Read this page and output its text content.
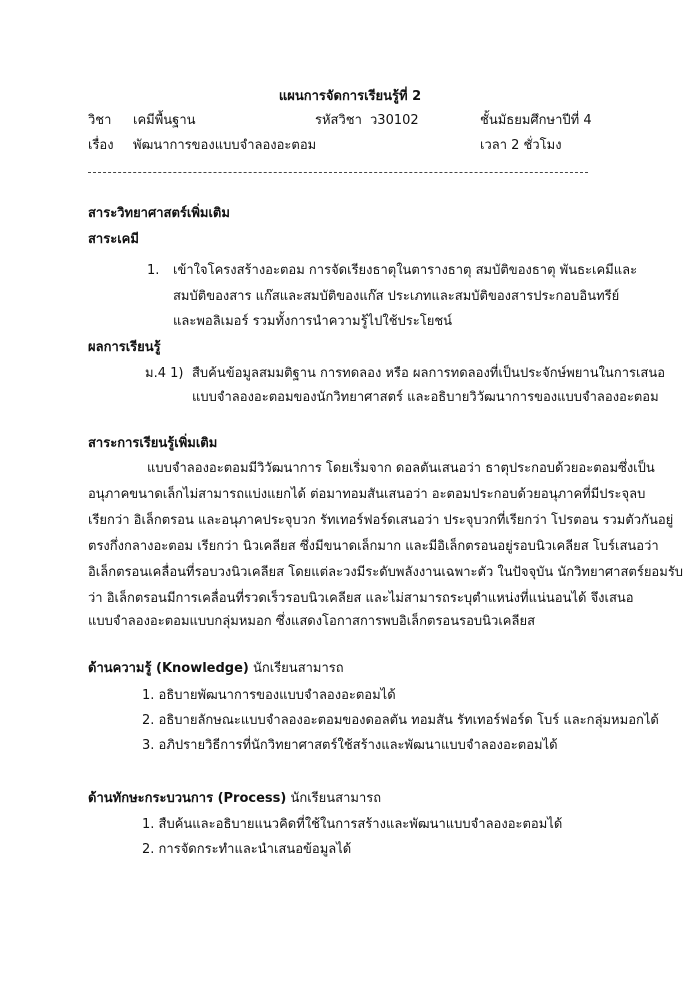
แผนการจัดการเรียนรู้ที่ 2
วิชา เคมีพื้นฐาน	รหัสวิชา ว30102	ชั้นมัธยมศึกษาปีที่ 4
เรื่อง พัฒนาการของแบบจำลองอะตอม	เวลา 2 ชั่วโมง
สาระวิทยาศาสตร์เพิ่มเติม
สาระเคมี
1. เข้าใจโครงสร้างอะตอม การจัดเรียงธาตุในตารางธาตุ สมบัติของธาตุ พันธะเคมีและ
สมบัติของสาร แก๊สและสมบัติของแก๊ส ประเภทและสมบัติของสารประกอบอินทรีย์
และพอลิเมอร์ รวมทั้งการนำความรู้ไปใช้ประโยชน์
ผลการเรียนรู้
ม.4 1) สืบค้นข้อมูลสมมติฐาน การทดลอง หรือ ผลการทดลองที่เป็นประจักษ์พยานในการเสนอ
แบบจำลองอะตอมของนักวิทยาศาสตร์ และอธิบายวิวัฒนาการของแบบจำลองอะตอม
สาระการเรียนรู้เพิ่มเติม
แบบจำลองอะตอมมีวิวัฒนาการ โดยเริ่มจาก ดอลตันเสนอว่า ธาตุประกอบด้วยอะตอมซึ่งเป็น
อนุภาคขนาดเล็กไม่สามารถแบ่งแยกได้ ต่อมาทอมสันเสนอว่า อะตอมประกอบด้วยอนุภาคที่มีประจุลบ
เรียกว่า อิเล็กตรอน และอนุภาคประจุบวก รัทเทอร์ฟอร์ดเสนอว่า ประจุบวกที่เรียกว่า โปรตอน รวมตัวกันอยู่
ตรงกึ่งกลางอะตอม เรียกว่า นิวเคลียส ซึ่งมีขนาดเล็กมาก และมีอิเล็กตรอนอยู่รอบนิวเคลียส โบร์เสนอว่า
อิเล็กตรอนเคลื่อนที่รอบวงนิวเคลียส โดยแต่ละวงมีระดับพลังงานเฉพาะตัว ในปัจจุบัน นักวิทยาศาสตร์ยอมรับ
ว่า อิเล็กตรอนมีการเคลื่อนที่รวดเร็วรอบนิวเคลียส และไม่สามารถระบุตำแหน่งที่แน่นอนได้ จึงเสนอ
แบบจำลองอะตอมแบบกลุ่มหมอก ซึ่งแสดงโอกาสการพบอิเล็กตรอนรอบนิวเคลียส
ด้านความรู้ (Knowledge) นักเรียนสามารถ
1. อธิบายพัฒนาการของแบบจำลองอะตอมได้
2. อธิบายลักษณะแบบจำลองอะตอมของดอลตัน ทอมสัน รัทเทอร์ฟอร์ด โบร์ และกลุ่มหมอกได้
3. อภิปรายวิธีการที่นักวิทยาศาสตร์ใช้สร้างและพัฒนาแบบจำลองอะตอมได้
ด้านทักษะกระบวนการ (Process) นักเรียนสามารถ
1. สืบค้นและอธิบายแนวคิดที่ใช้ในการสร้างและพัฒนาแบบจำลองอะตอมได้
2. การจัดกระทำและนำเสนอข้อมูลได้
